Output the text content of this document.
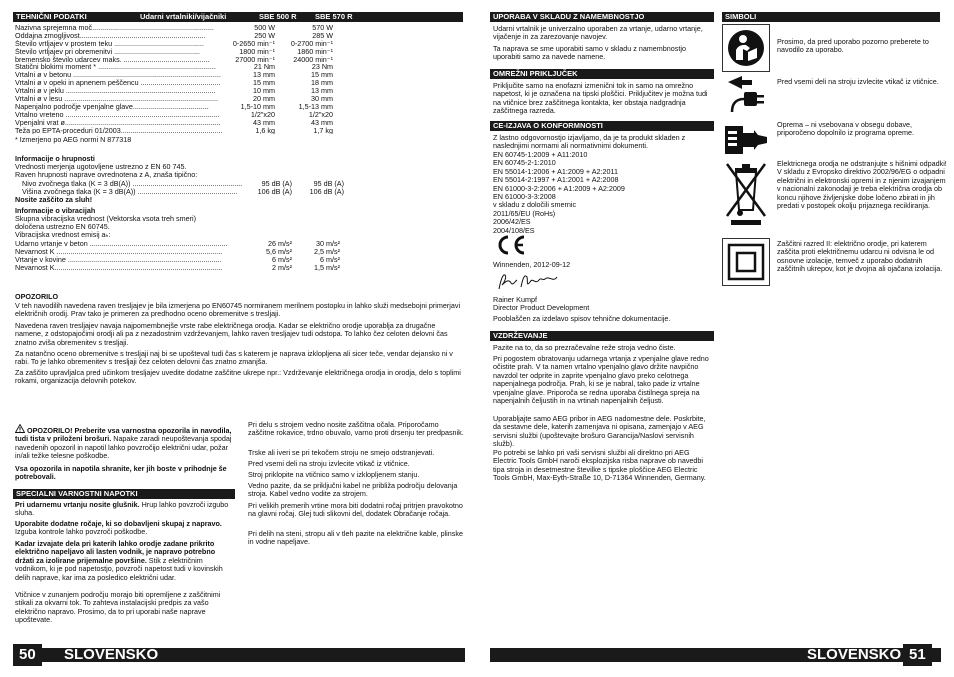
TEHNIČNI PODATKI	Udarni vrtalniki/vijačniki	SBE 500 R SBE 570 R
Nazivna sprejemna moč.............................................................	500 W	570 W
Oddajna zmogljivost...............................................................	250 W	285 W
Število vrtljajev v prostem teku .............................................	0-2650 min⁻¹ 0-2700 min⁻¹
Število vrtljajev pri obremenitvi ...........................................	1800 min⁻¹	1860 min⁻¹
bremensko število udarcev maks. ...........................................	27000 min⁻¹	24000 min⁻¹
Statični blokirni moment * ...........................................................	21 Nm	23 Nm
Vrtalni ø v betonu ..........................................................................	13 mm	15 mm
Vrtalni ø v opeki in apnenem peščencu ........................................	15 mm	18 mm
Vrtalni ø v jeklu ...........................................................................	10 mm	13 mm
Vrtalni ø v lesu .............................................................................	20 mm	30 mm
Napenjalno področje vpenjalne glave......................................	1,5-10 mm	1,5-13 mm
Vrtalno vreteno .............................................................................	1/2"x20	1/2"x20
Vpenjalni vrat ø..............................................................................	43 mm	43 mm
Teža po EPTA-proceduri 01/2003...................................................	1,6 kg	1,7 kg
* Izmerjeno po AEG normi N 877318
Informacije o hrupnosti
Vrednosti merjenja ugotovljene ustrezno z EN 60 745.
Raven hrupnosti naprave ovrednotena z A, znaša tipično:
Nivo zvočnega tlaka (K = 3 dB(A)) .......................................................	95 dB (A)	95 dB (A)
Višina zvočnega tlaka (K = 3 dB(A)) ..................................................	106 dB (A) 106 dB (A)
Nosite zaščito za sluh!
Informacije o vibracijah
Skupna vibracijska vrednost (Vektorska vsota treh smeri)
določena ustrezno EN 60745.
Vibracijska vrednost emisij aₕ:
Udarno vrtanje v beton .....................................................................	26 m/s²	30 m/s²
Nevarnost K ...................................................................................	5,6 m/s²	2,5 m/s²
Vrtanje v kovine .............................................................................	6 m/s²	6 m/s²
Nevarnost K....................................................................................	2 m/s²	1,5 m/s²
OPOZORILO
V teh navodilih navedena raven tresljajev je bila izmerjena po EN60745 normiranem merilnem postopku in lahko služi medsebojni primerjavi električnih orodij. Prav tako je primeren za predhodno oceno obremenitve s tresljaji.
Navedena raven tresljajev navaja najpomembnejše vrste rabe električnega orodja. Kadar se električno orodje uporablja za drugačne namene, z odstopajočimi orodji ali pa z nezadostnim vzdrževanjem, lahko raven tresljajev tudi odstopa. To lahko čez celoten delovni čas znatno zviša obremenitev s tresljaji.
Za natančno oceno obremenitve s tresljaji naj bi se upošteval tudi čas s katerem je naprava izklopljena ali sicer teče, vendar dejansko ni v rabi. To je lahko obremenitev s tresljaji čez celoten delovni čas znatno zmanjša.
Za zaščito upravljalca pred učinkom tresljajev uvedite dodatne zaščitne ukrepe npr.: Vzdrževanje električnega orodja in orodja, delo s toplimi rokami, organizacija delovnih potekov.
OPOZORILO! Preberite vsa varnostna opozorila in navodila, tudi tista v priloženi brošuri. Napake zaradi neupoštevanja spodaj navedenih opozoril in napotil lahko povzročijo električni udar, požar in/ali težke telesne poškodbe.
Vsa opozorila in napotila shranite, ker jih boste v prihodnje še potrebovali.
SPECIALNI VARNOSTNI NAPOTKI
Pri udarnemu vrtanju nosite glušnik. Hrup lahko povzroči izgubo sluha.
Uporabite dodatne ročaje, ki so dobavljeni skupaj z napravo. Izguba kontrole lahko povzroči poškodbe.
Kadar izvajate dela pri katerih lahko orodje zadane prikrito električno napeljavo ali lasten vodnik, je napravo potrebno držati za izolirane prijemalne površine. Stik z električnim vodnikom, ki je pod napetostjo, povzroči napetost tudi v kovinskih delih naprave, kar ima za posledico električni udar.
Vtičnice v zunanjem področju morajo biti opremljene z zaščitnimi stikali za okvarni tok. To zahteva instalacijski predpis za vašo električno napravo. Prosimo, da to pri uporabi naše naprave upoštevate.
Pri delu s strojem vedno nosite zaščitna očala. Priporočamo zaščitne rokavice, trdno obuvalo, varno proti drsenju ter predpasnik.
Trske ali iveri se pri tekočem stroju ne smejo odstranjevati.
Pred vsemi deli na stroju izvlecite vtikač iz vtičnice.
Stroj priklopite na vtičnico samo v izklopljenem stanju.
Vedno pazite, da se priključni kabel ne približa področju delovanja stroja. Kabel vedno vodite za strojem.
Pri velikih premerih vrtine mora biti dodatni ročaj pritrjen pravokotno na glavni ročaj. Glej tudi slikovni del, dodatek Obračanje ročaja.
Pri delih na steni, stropu ali v tleh pazite na električne kable, plinske in vodne napeljave.
50	SLOVENSKO
UPORABA V SKLADU Z NAMEMBNOSTJO
Udarni vrtalnik je univerzalno uporaben za vrtanje, udarno vrtanje, vijačenje in za zarezovanje navojev.
Ta naprava se sme uporabiti samo v skladu z namembnostjo uporabiti samo za navede namene.
OMREŽNI PRIKLJUČEK
Priključite samo na enofazni izmenični tok in samo na omrežno napetost, ki je označena na tipski ploščici. Priključitev je možna tudi na vtičnice brez zaščitnega kontakta, ker obstaja nadgradnja zaščitnega razreda.
CE-IZJAVA O KONFORMNOSTI
Z lastno odgovornostjo izjavljamo, da je ta produkt skladen z naslednjimi normami ali normativnimi dokumenti.
EN 60745-1:2009 + A11:2010
EN 60745-2-1:2010
EN 55014-1:2006 + A1:2009 + A2:2011
EN 55014-2:1997 + A1:2001 + A2:2008
EN 61000-3-2:2006 + A1:2009 + A2:2009
EN 61000-3-3:2008
v skladu z določili smernic
2011/65/EU (RoHs)
2006/42/ES
2004/108/ES
Winnenden, 2012-09-12
Rainer Kumpf
Director Product Development
Pooblaščen za izdelavo spisov tehnične dokumentacije.
VZDRŽEVANJE
Pazite na to, da so prezračevalne reže stroja vedno čiste.
Pri pogostem obratovanju udarnega vrtanja z vpenjalne glave redno očistite prah. V ta namen vrtalno vpenjalno glavo držite navpično navzdol ter odprite in zaprite vpenjalno glavo preko celotnega napenjalnega področja. Prah, ki se je nabral, tako pade iz vrtalne vpenjalne glave. Priporoča se redna uporaba čistilnega spreja na napenjalnih čeljustih in na vrtinah napenjalnih čeljusti.
Uporabljajte samo AEG pribor in AEG nadomestne dele. Poskrbite, da sestavne dele, katerih zamenjava ni opisana, zamenjajo v AEG servisni službi (upoštevajte brošuro Garancija/Naslovi servisnih služb).
Po potrebi se lahko pri vaši servisni službi ali direktno pri AEG Electric Tools GmbH naroči eksplozijska risba naprave ob navedbi tipa stroja in desetmestne številke s tipske ploščice AEG Electric Tools GmbH, Max-Eyth-Straße 10, D-71364 Winnenden, Germany.
SIMBOLI
SLOVENSKO 51
Prosimo, da pred uporabo pozorno preberete to navodilo za uporabo.
Pred vsemi deli na stroju izvlecite vtikač iz vtičnice.
Oprema – ni vsebovana v obsegu dobave, priporočeno dopolnilo iz programa opreme.
Elektricnega orodja ne odstranjujte s hišnimi odpadki! V skladu z Evropsko direktivo 2002/96/EG o odpadni električni in elektronski opremi in z njenim izvajanjem v nacionalni zakonodaji je treba električna orodja ob koncu njihove življenjske dobe ločeno zbirati in jih predati v postopek okolju prijaznega recikliranja.
Zaščitni razred II: električno orodje, pri katerem zaščita proti električnemu udarcu ni odvisna le od osnovne izolacije, temveč z uporabo dodatnih zaščitnih ukrepov, kot je dvojna ali ojačana izolacija.
